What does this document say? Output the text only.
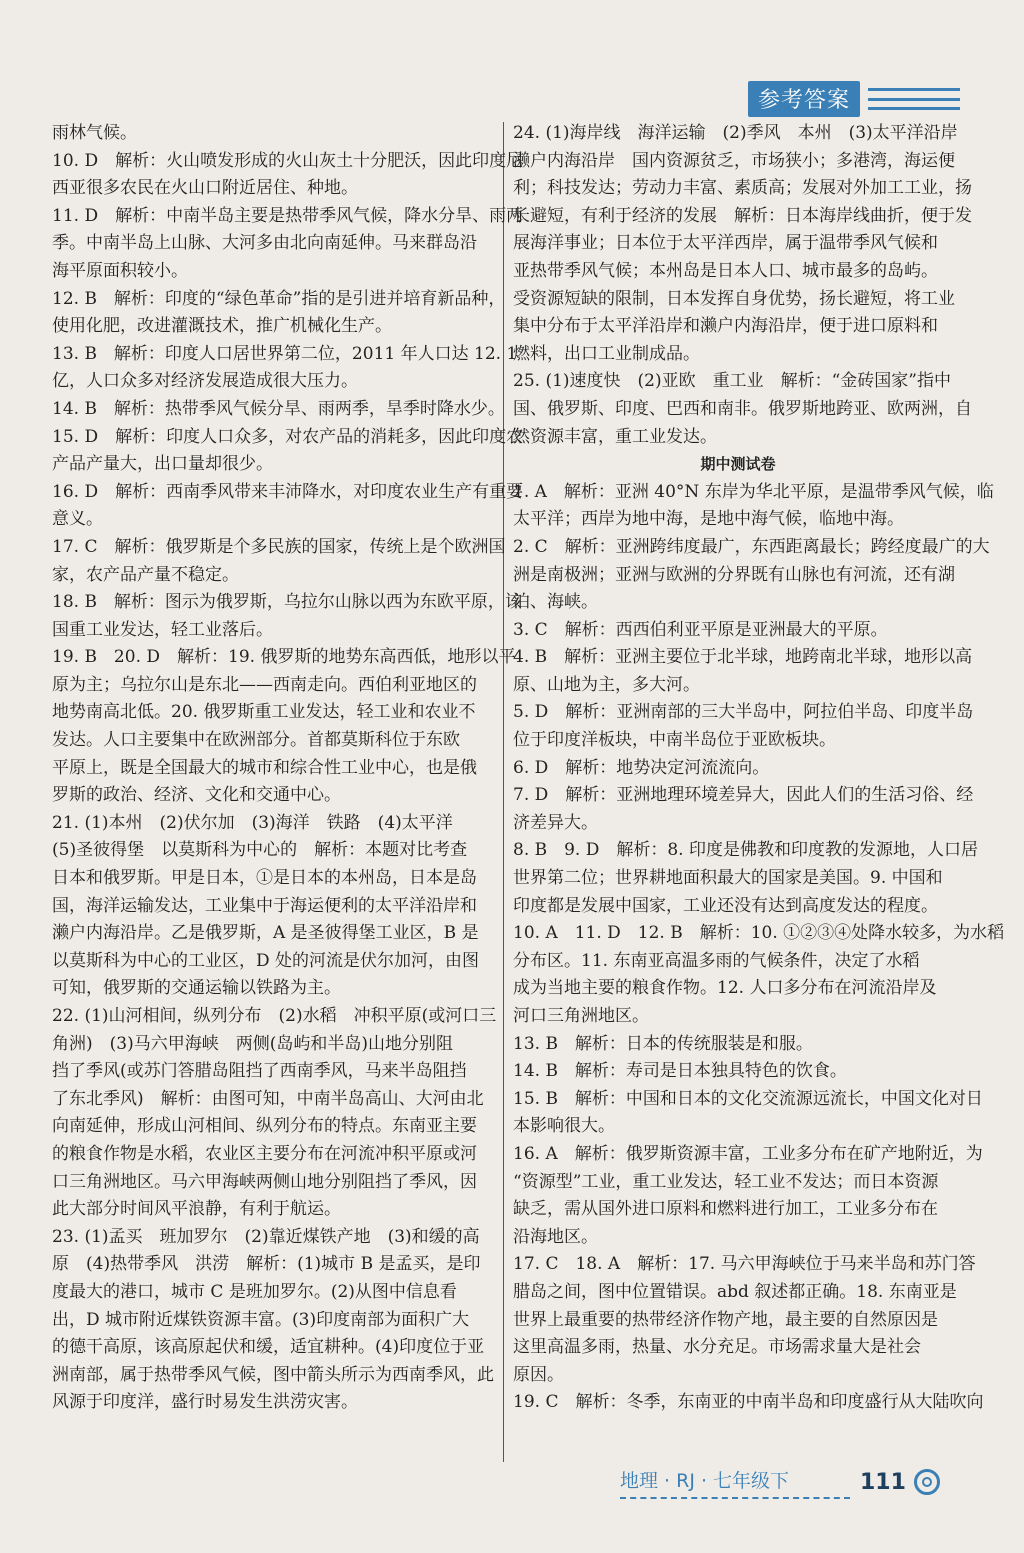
参考答案
雨林气候。
10. D　解析：火山喷发形成的火山灰土十分肥沃，因此印度尼
西亚很多农民在火山口附近居住、种地。
11. D　解析：中南半岛主要是热带季风气候，降水分旱、雨两
季。中南半岛上山脉、大河多由北向南延伸。马来群岛沿
海平原面积较小。
12. B　解析：印度的“绿色革命”指的是引进并培育新品种，
使用化肥，改进灌溉技术，推广机械化生产。
13. B　解析：印度人口居世界第二位，2011 年人口达 12. 1
亿，人口众多对经济发展造成很大压力。
14. B　解析：热带季风气候分旱、雨两季，旱季时降水少。
15. D　解析：印度人口众多，对农产品的消耗多，因此印度农
产品产量大，出口量却很少。
16. D　解析：西南季风带来丰沛降水，对印度农业生产有重要
意义。
17. C　解析：俄罗斯是个多民族的国家，传统上是个欧洲国
家，农产品产量不稳定。
18. B　解析：图示为俄罗斯，乌拉尔山脉以西为东欧平原，该
国重工业发达，轻工业落后。
19. B　20. D　解析：19. 俄罗斯的地势东高西低，地形以平
原为主；乌拉尔山是东北——西南走向。西伯利亚地区的
地势南高北低。20. 俄罗斯重工业发达，轻工业和农业不
发达。人口主要集中在欧洲部分。首都莫斯科位于东欧
平原上，既是全国最大的城市和综合性工业中心，也是俄
罗斯的政治、经济、文化和交通中心。
21. (1)本州　(2)伏尔加　(3)海洋　铁路　(4)太平洋
(5)圣彼得堡　以莫斯科为中心的　解析：本题对比考查
日本和俄罗斯。甲是日本，①是日本的本州岛，日本是岛
国，海洋运输发达，工业集中于海运便利的太平洋沿岸和
濑户内海沿岸。乙是俄罗斯，A 是圣彼得堡工业区，B 是
以莫斯科为中心的工业区，D 处的河流是伏尔加河，由图
可知，俄罗斯的交通运输以铁路为主。
22. (1)山河相间，纵列分布　(2)水稻　冲积平原(或河口三
角洲)　(3)马六甲海峡　两侧(岛屿和半岛)山地分别阻
挡了季风(或苏门答腊岛阻挡了西南季风，马来半岛阻挡
了东北季风)　解析：由图可知，中南半岛高山、大河由北
向南延伸，形成山河相间、纵列分布的特点。东南亚主要
的粮食作物是水稻，农业区主要分布在河流冲积平原或河
口三角洲地区。马六甲海峡两侧山地分别阻挡了季风，因
此大部分时间风平浪静，有利于航运。
23. (1)孟买　班加罗尔　(2)靠近煤铁产地　(3)和缓的高
原　(4)热带季风　洪涝　解析：(1)城市 B 是孟买，是印
度最大的港口，城市 C 是班加罗尔。(2)从图中信息看
出，D 城市附近煤铁资源丰富。(3)印度南部为面积广大
的德干高原，该高原起伏和缓，适宜耕种。(4)印度位于亚
洲南部，属于热带季风气候，图中箭头所示为西南季风，此
风源于印度洋，盛行时易发生洪涝灾害。
24. (1)海岸线　海洋运输　(2)季风　本州　(3)太平洋沿岸
濑户内海沿岸　国内资源贫乏，市场狭小；多港湾，海运便
利；科技发达；劳动力丰富、素质高；发展对外加工工业，扬
长避短，有利于经济的发展　解析：日本海岸线曲折，便于发
展海洋事业；日本位于太平洋西岸，属于温带季风气候和
亚热带季风气候；本州岛是日本人口、城市最多的岛屿。
受资源短缺的限制，日本发挥自身优势，扬长避短，将工业
集中分布于太平洋沿岸和濑户内海沿岸，便于进口原料和
燃料，出口工业制成品。
25. (1)速度快　(2)亚欧　重工业　解析：“金砖国家”指中
国、俄罗斯、印度、巴西和南非。俄罗斯地跨亚、欧两洲，自
然资源丰富，重工业发达。
期中测试卷
1. A　解析：亚洲 40°N 东岸为华北平原，是温带季风气候，临
太平洋；西岸为地中海，是地中海气候，临地中海。
2. C　解析：亚洲跨纬度最广，东西距离最长；跨经度最广的大
洲是南极洲；亚洲与欧洲的分界既有山脉也有河流，还有湖
泊、海峡。
3. C　解析：西西伯利亚平原是亚洲最大的平原。
4. B　解析：亚洲主要位于北半球，地跨南北半球，地形以高
原、山地为主，多大河。
5. D　解析：亚洲南部的三大半岛中，阿拉伯半岛、印度半岛
位于印度洋板块，中南半岛位于亚欧板块。
6. D　解析：地势决定河流流向。
7. D　解析：亚洲地理环境差异大，因此人们的生活习俗、经
济差异大。
8. B　9. D　解析：8. 印度是佛教和印度教的发源地，人口居
世界第二位；世界耕地面积最大的国家是美国。9. 中国和
印度都是发展中国家，工业还没有达到高度发达的程度。
10. A　11. D　12. B　解析：10. ①②③④处降水较多，为水稻
分布区。11. 东南亚高温多雨的气候条件，决定了水稻
成为当地主要的粮食作物。12. 人口多分布在河流沿岸及
河口三角洲地区。
13. B　解析：日本的传统服装是和服。
14. B　解析：寿司是日本独具特色的饮食。
15. B　解析：中国和日本的文化交流源远流长，中国文化对日
本影响很大。
16. A　解析：俄罗斯资源丰富，工业多分布在矿产地附近，为
“资源型”工业，重工业发达，轻工业不发达；而日本资源
缺乏，需从国外进口原料和燃料进行加工，工业多分布在
沿海地区。
17. C　18. A　解析：17. 马六甲海峡位于马来半岛和苏门答
腊岛之间，图中位置错误。abd 叙述都正确。18. 东南亚是
世界上最重要的热带经济作物产地，最主要的自然原因是
这里高温多雨，热量、水分充足。市场需求量大是社会
原因。
19. C　解析：冬季，东南亚的中南半岛和印度盛行从大陆吹向
地理 · RJ · 七年级下	111
